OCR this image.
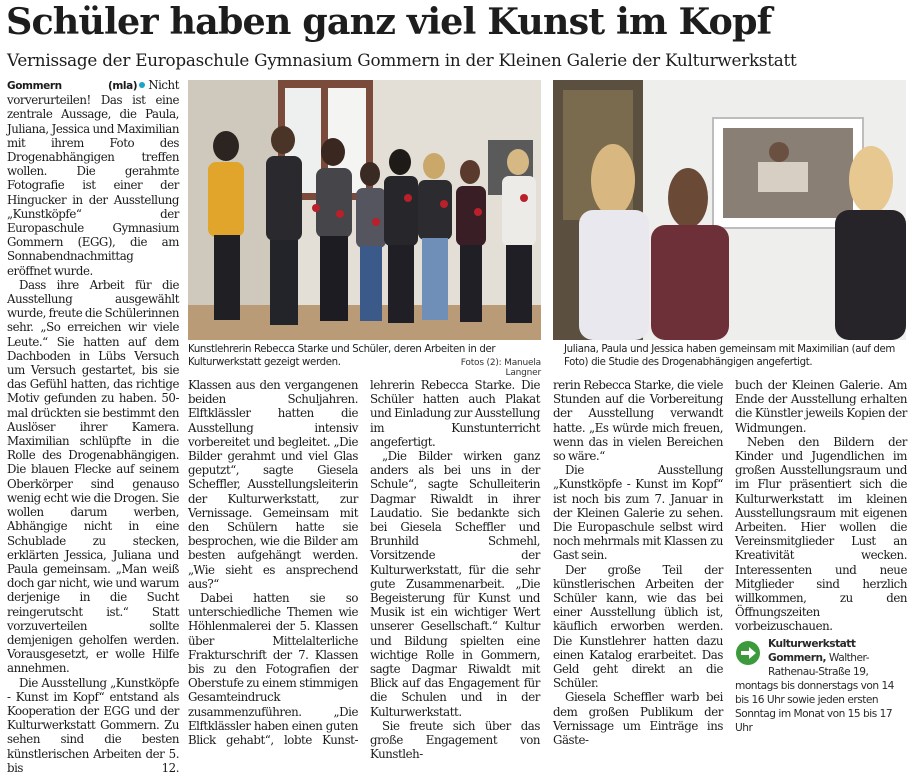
Schüler haben ganz viel Kunst im Kopf
Vernissage der Europaschule Gymnasium Gommern in der Kleinen Galerie der Kulturwerkstatt

Gommern (mla) Nicht vorverurteilen! Das ist eine zentrale Aussage, die Paula, Juliana, Jessica und Maximilian mit ihrem Foto des Drogenabhängigen treffen wollen. Die gerahmte Fotografie ist einer der Hingucker in der Ausstellung „Kunstköpfe“ der Europaschule Gymnasium Gommern (EGG), die am Sonnabendnachmittag eröffnet wurde.

Dass ihre Arbeit für die Ausstellung ausgewählt wurde, freute die Schülerinnen sehr. „So erreichen wir viele Leute.“ Sie hatten auf dem Dachboden in Lübs Versuch um Versuch gestartet, bis sie das Gefühl hatten, das richtige Motiv gefunden zu haben. 50-mal drückten sie bestimmt den Auslöser ihrer Kamera. Maximilian schlüpfte in die Rolle des Drogenabhängigen. Die blauen Flecke auf seinem Oberkörper sind genauso wenig echt wie die Drogen. Sie wollen darum werben, Abhängige nicht in eine Schublade zu stecken, erklärten Jessica, Juliana und Paula gemeinsam. „Man weiß doch gar nicht, wie und warum derjenige in die Sucht reingerutscht ist.“ Statt vorzuverteilen sollte demjenigen geholfen werden. Vorausgesetzt, er wolle Hilfe annehmen.

Die Ausstellung „Kunstköpfe - Kunst im Kopf“ entstand als Kooperation der EGG und der Kulturwerkstatt Gommern. Zu sehen sind die besten künstlerischen Arbeiten der 5. bis 12.

Kunstlehrerin Rebecca Starke und Schüler, deren Arbeiten in der Kulturwerkstatt gezeigt werden.	Fotos (2): Manuela Langner
Juliana, Paula und Jessica haben gemeinsam mit Maximilian (auf dem Foto) die Studie des Drogenabhängigen angefertigt.

Klassen aus den vergangenen beiden Schuljahren. Elftklässler hatten die Ausstellung intensiv vorbereitet und begleitet. „Die Bilder gerahmt und viel Glas geputzt“, sagte Giesela Scheffler, Ausstellungsleiterin der Kulturwerkstatt, zur Vernissage. Gemeinsam mit den Schülern hatte sie besprochen, wie die Bilder am besten aufgehängt werden. „Wie sieht es ansprechend aus?“

Dabei hatten sie so unterschiedliche Themen wie Höhlenmalerei der 5. Klassen über Mittelalterliche Frakturschrift der 7. Klassen bis zu den Fotografien der Oberstufe zu einem stimmigen Gesamteindruck zusammenzuführen. „Die Elftklässler haben einen guten Blick gehabt“, lobte Kunst-

lehrerin Rebecca Starke. Die Schüler hatten auch Plakat und Einladung zur Ausstellung im Kunstunterricht angefertigt.

„Die Bilder wirken ganz anders als bei uns in der Schule“, sagte Schulleiterin Dagmar Riwaldt in ihrer Laudatio. Sie bedankte sich bei Giesela Scheffler und Brunhild Schmehl, Vorsitzende der Kulturwerkstatt, für die sehr gute Zusammenarbeit. „Die Begeisterung für Kunst und Musik ist ein wichtiger Wert unserer Gesellschaft.“ Kultur und Bildung spielten eine wichtige Rolle in Gommern, sagte Dagmar Riwaldt mit Blick auf das Engagement für die Schulen und in der Kulturwerkstatt.

Sie freute sich über das große Engagement von Kunstleh-

rerin Rebecca Starke, die viele Stunden auf die Vorbereitung der Ausstellung verwandt hatte. „Es würde mich freuen, wenn das in vielen Bereichen so wäre.“

Die Ausstellung „Kunstköpfe - Kunst im Kopf“ ist noch bis zum 7. Januar in der Kleinen Galerie zu sehen. Die Europaschule selbst wird noch mehrmals mit Klassen zu Gast sein.

Der große Teil der künstlerischen Arbeiten der Schüler kann, wie das bei einer Ausstellung üblich ist, käuflich erworben werden. Die Kunstlehrer hatten dazu einen Katalog erarbeitet. Das Geld geht direkt an die Schüler.

Giesela Scheffler warb bei dem großen Publikum der Vernissage um Einträge ins Gäste-

buch der Kleinen Galerie. Am Ende der Ausstellung erhalten die Künstler jeweils Kopien der Widmungen.

Neben den Bildern der Kinder und Jugendlichen im großen Ausstellungsraum und im Flur präsentiert sich die Kulturwerkstatt im kleinen Ausstellungsraum mit eigenen Arbeiten. Hier wollen die Vereinsmitglieder Lust an Kreativität wecken. Interessenten und neue Mitglieder sind herzlich willkommen, zu den Öffnungszeiten vorbeizuschauen.

Kulturwerkstatt Gommern, Walther-Rathenau-Straße 19,
montags bis donnerstags von 14 bis 16 Uhr sowie jeden ersten Sonntag im Monat von 15 bis 17 Uhr
